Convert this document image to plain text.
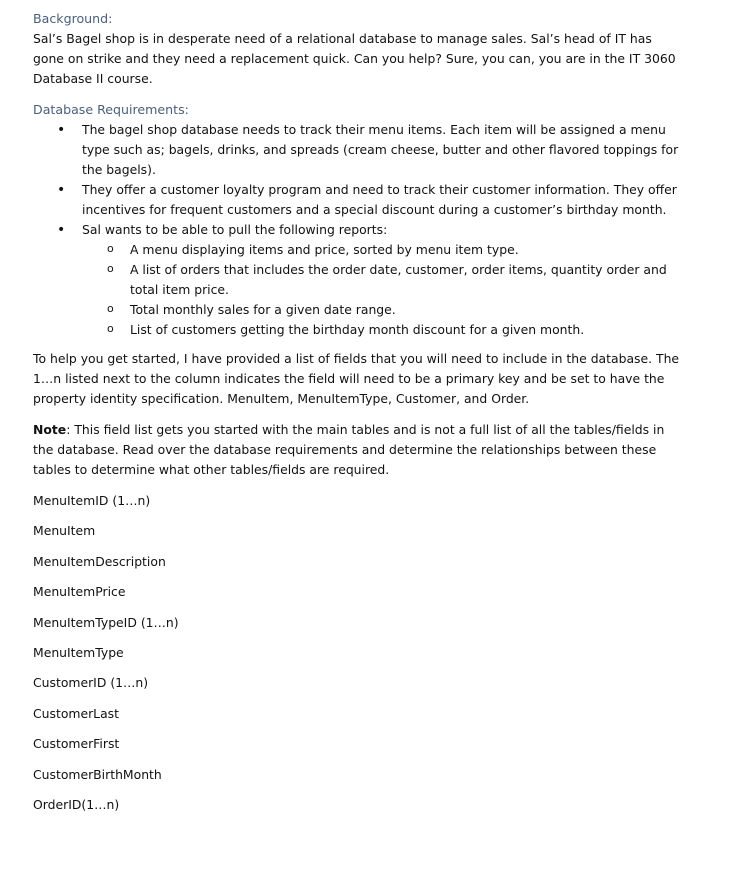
Background:

Sal’s Bagel shop is in desperate need of a relational database to manage sales. Sal’s head of IT has gone on strike and they need a replacement quick. Can you help? Sure, you can, you are in the IT 3060 Database II course.

Database Requirements:

• The bagel shop database needs to track their menu items. Each item will be assigned a menu type such as; bagels, drinks, and spreads (cream cheese, butter and other flavored toppings for the bagels).
• They offer a customer loyalty program and need to track their customer information. They offer incentives for frequent customers and a special discount during a customer’s birthday month.
• Sal wants to be able to pull the following reports:
o A menu displaying items and price, sorted by menu item type.
o A list of orders that includes the order date, customer, order items, quantity order and total item price.
o Total monthly sales for a given date range.
o List of customers getting the birthday month discount for a given month.

To help you get started, I have provided a list of fields that you will need to include in the database. The 1…n listed next to the column indicates the field will need to be a primary key and be set to have the property identity specification. MenuItem, MenuItemType, Customer, and Order.

Note: This field list gets you started with the main tables and is not a full list of all the tables/fields in the database. Read over the database requirements and determine the relationships between these tables to determine what other tables/fields are required.

MenuItemID (1…n)

MenuItem

MenuItemDescription

MenuItemPrice

MenuItemTypeID (1…n)

MenuItemType

CustomerID (1…n)

CustomerLast

CustomerFirst

CustomerBirthMonth

OrderID(1…n)
